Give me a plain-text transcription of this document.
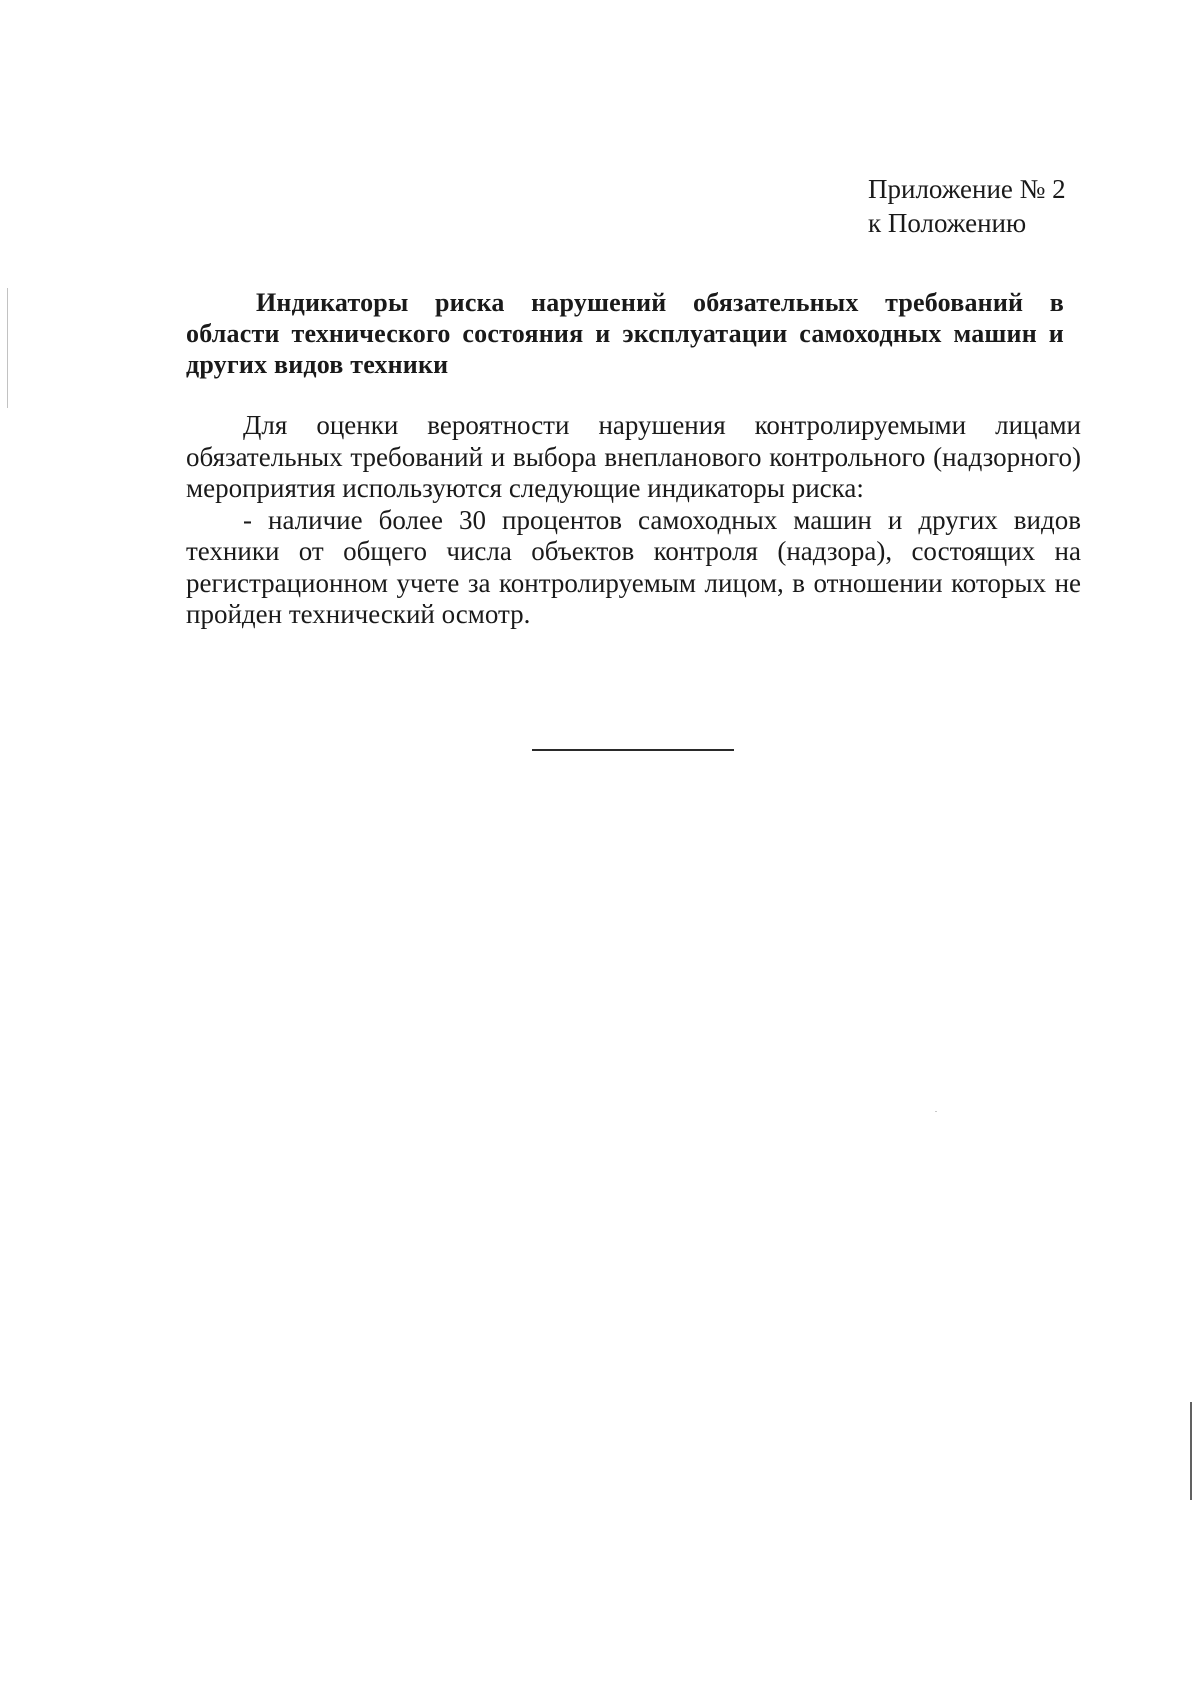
Приложение № 2
к Положению
Индикаторы риска нарушений обязательных требований в области технического состояния и эксплуатации самоходных машин и других видов техники

Для оценки вероятности нарушения контролируемыми лицами обязательных требований и выбора внепланового контрольного (надзорного) мероприятия используются следующие индикаторы риска:

- наличие более 30 процентов самоходных машин и других видов техники от общего числа объектов контроля (надзора), состоящих на регистрационном учете за контролируемым лицом, в отношении которых не пройден технический осмотр.
